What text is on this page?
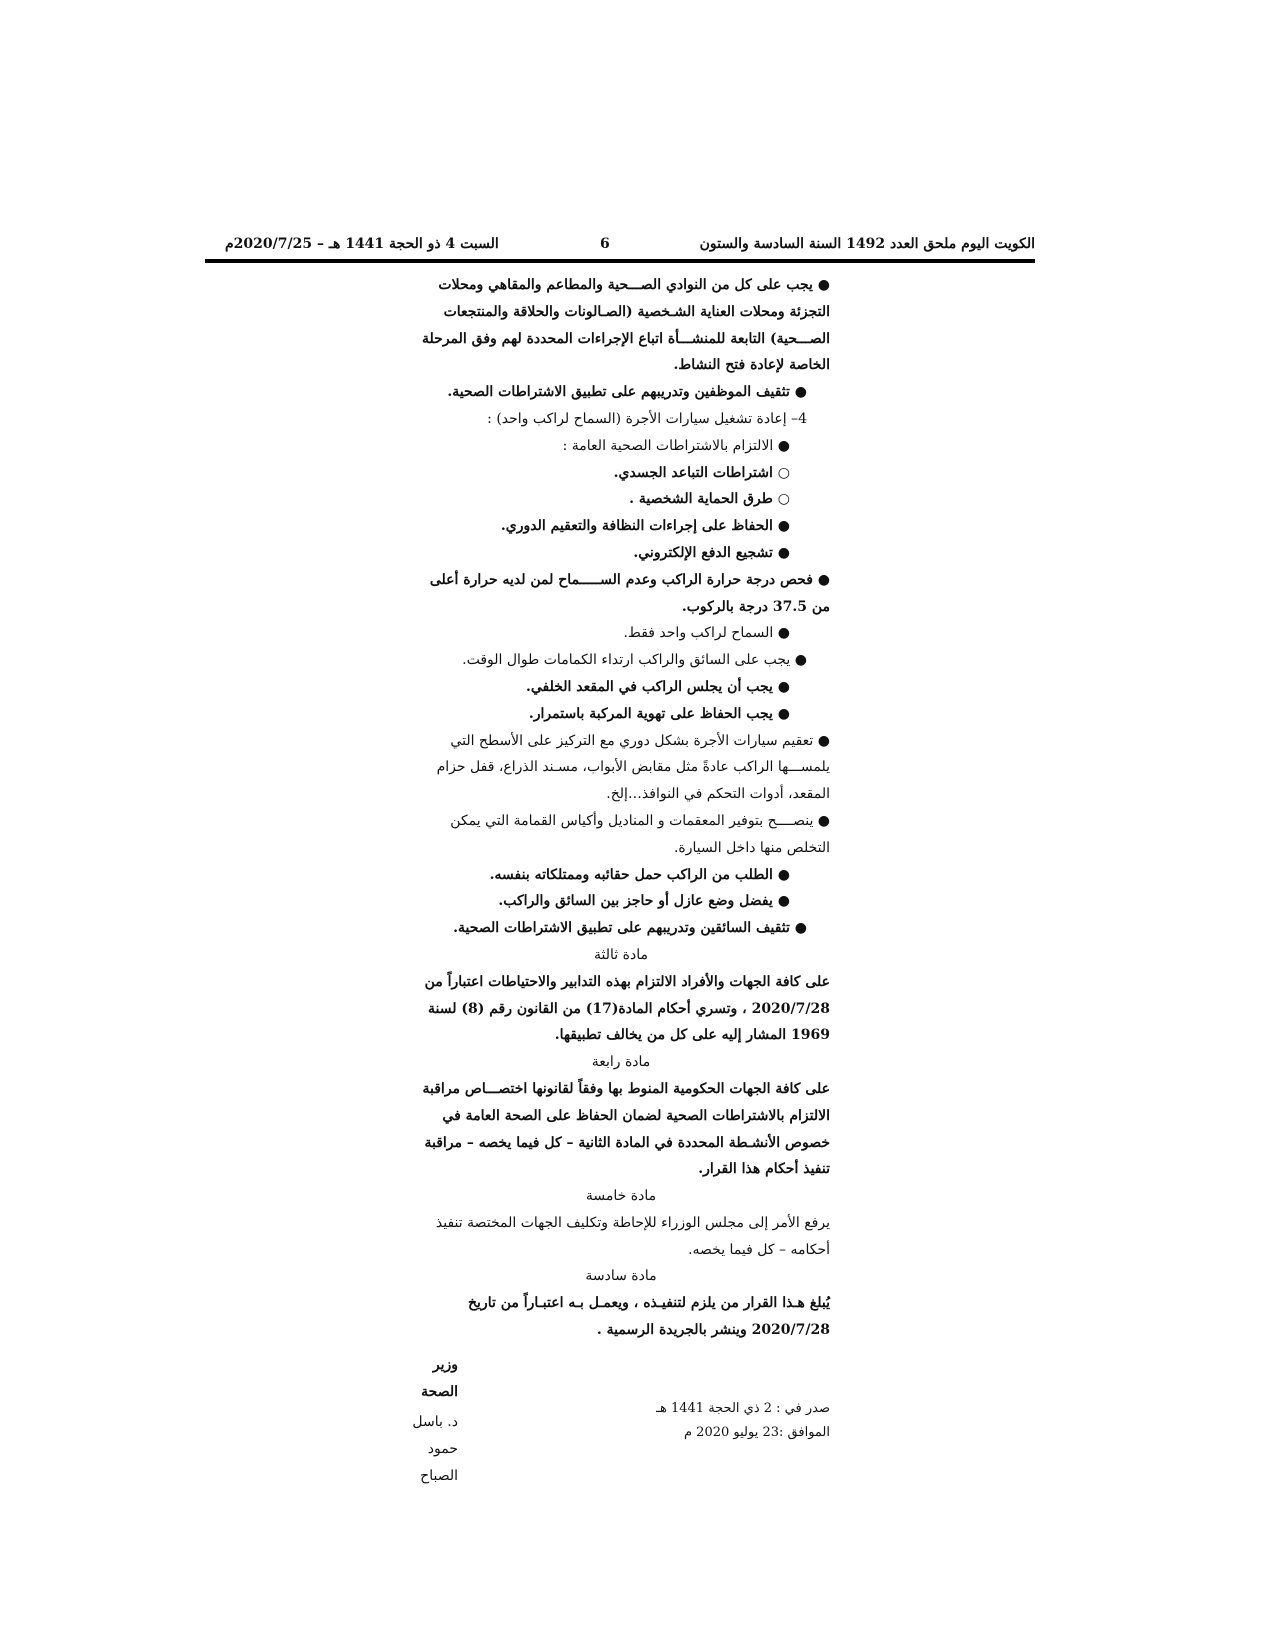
الكويت اليوم ملحق العدد 1492 السنة السادسة والستون
6
السبت 4 ذو الحجة 1441 هـ – 2020/7/25م

● يجب على كل من النوادي الصـــحية والمطاعم والمقاهي ومحلات التجزئة ومحلات العناية الشـخصية (الصـالونات والحلاقة والمنتجعات الصـــحية) التابعة للمنشـــأة اتباع الإجراءات المحددة لهم وفق المرحلة الخاصة لإعادة فتح النشاط.

● تثقيف الموظفين وتدريبهم على تطبيق الاشتراطات الصحية.

4– إعادة تشغيل سيارات الأجرة (السماح لراكب واحد) :

● الالتزام بالاشتراطات الصحية العامة :

○ اشتراطات التباعد الجسدي.

○ طرق الحماية الشخصية .

● الحفاظ على إجراءات النظافة والتعقيم الدوري.

● تشجيع الدفع الإلكتروني.

● فحص درجة حرارة الراكب وعدم الســـــماح لمن لديه حرارة أعلى من 37.5 درجة بالركوب.

● السماح لراكب واحد فقط.

● يجب على السائق والراكب ارتداء الكمامات طوال الوقت.

● يجب أن يجلس الراكب في المقعد الخلفي.

● يجب الحفاظ على تهوية المركبة باستمرار.

● تعقيم سيارات الأجرة بشكل دوري مع التركيز على الأسطح التي يلمســـها الراكب عادةً مثل مقابض الأبواب، مسـند الذراع، قفل حزام المقعد، أدوات التحكم في النوافذ…إلخ.

● ينصــــح بتوفير المعقمات و المناديل وأكياس القمامة التي يمكن التخلص منها داخل السيارة.

● الطلب من الراكب حمل حقائبه وممتلكاته بنفسه.

● يفضل وضع عازل أو حاجز بين السائق والراكب.

● تثقيف السائقين وتدريبهم على تطبيق الاشتراطات الصحية.

مادة ثالثة

على كافة الجهات والأفراد الالتزام بهذه التدابير والاحتياطات اعتباراً من 2020/7/28 ، وتسري أحكام المادة(17) من القانون رقم (8) لسنة 1969 المشار إليه على كل من يخالف تطبيقها.

مادة رابعة

على كافة الجهات الحكومية المنوط بها وفقاً لقانونها اختصـــاص مراقبة الالتزام بالاشتراطات الصحية لضمان الحفاظ على الصحة العامة في خصوص الأنشـطة المحددة في المادة الثانية – كل فيما يخصه – مراقبة تنفيذ أحكام هذا القرار.

مادة خامسة

يرفع الأمر إلى مجلس الوزراء للإحاطة وتكليف الجهات المختصة تنفيذ أحكامه – كل فيما يخصه.

مادة سادسة

يُبلغ هـذا القرار من يلزم لتنفيـذه ، ويعمـل بـه اعتبـاراً من تاريخ 2020/7/28 وينشر بالجريدة الرسمية .

وزير الصحة

د. باسل حمود الصباح

صدر في : 2 ذي الحجة 1441 هـ

الموافق :23 يوليو 2020 م
